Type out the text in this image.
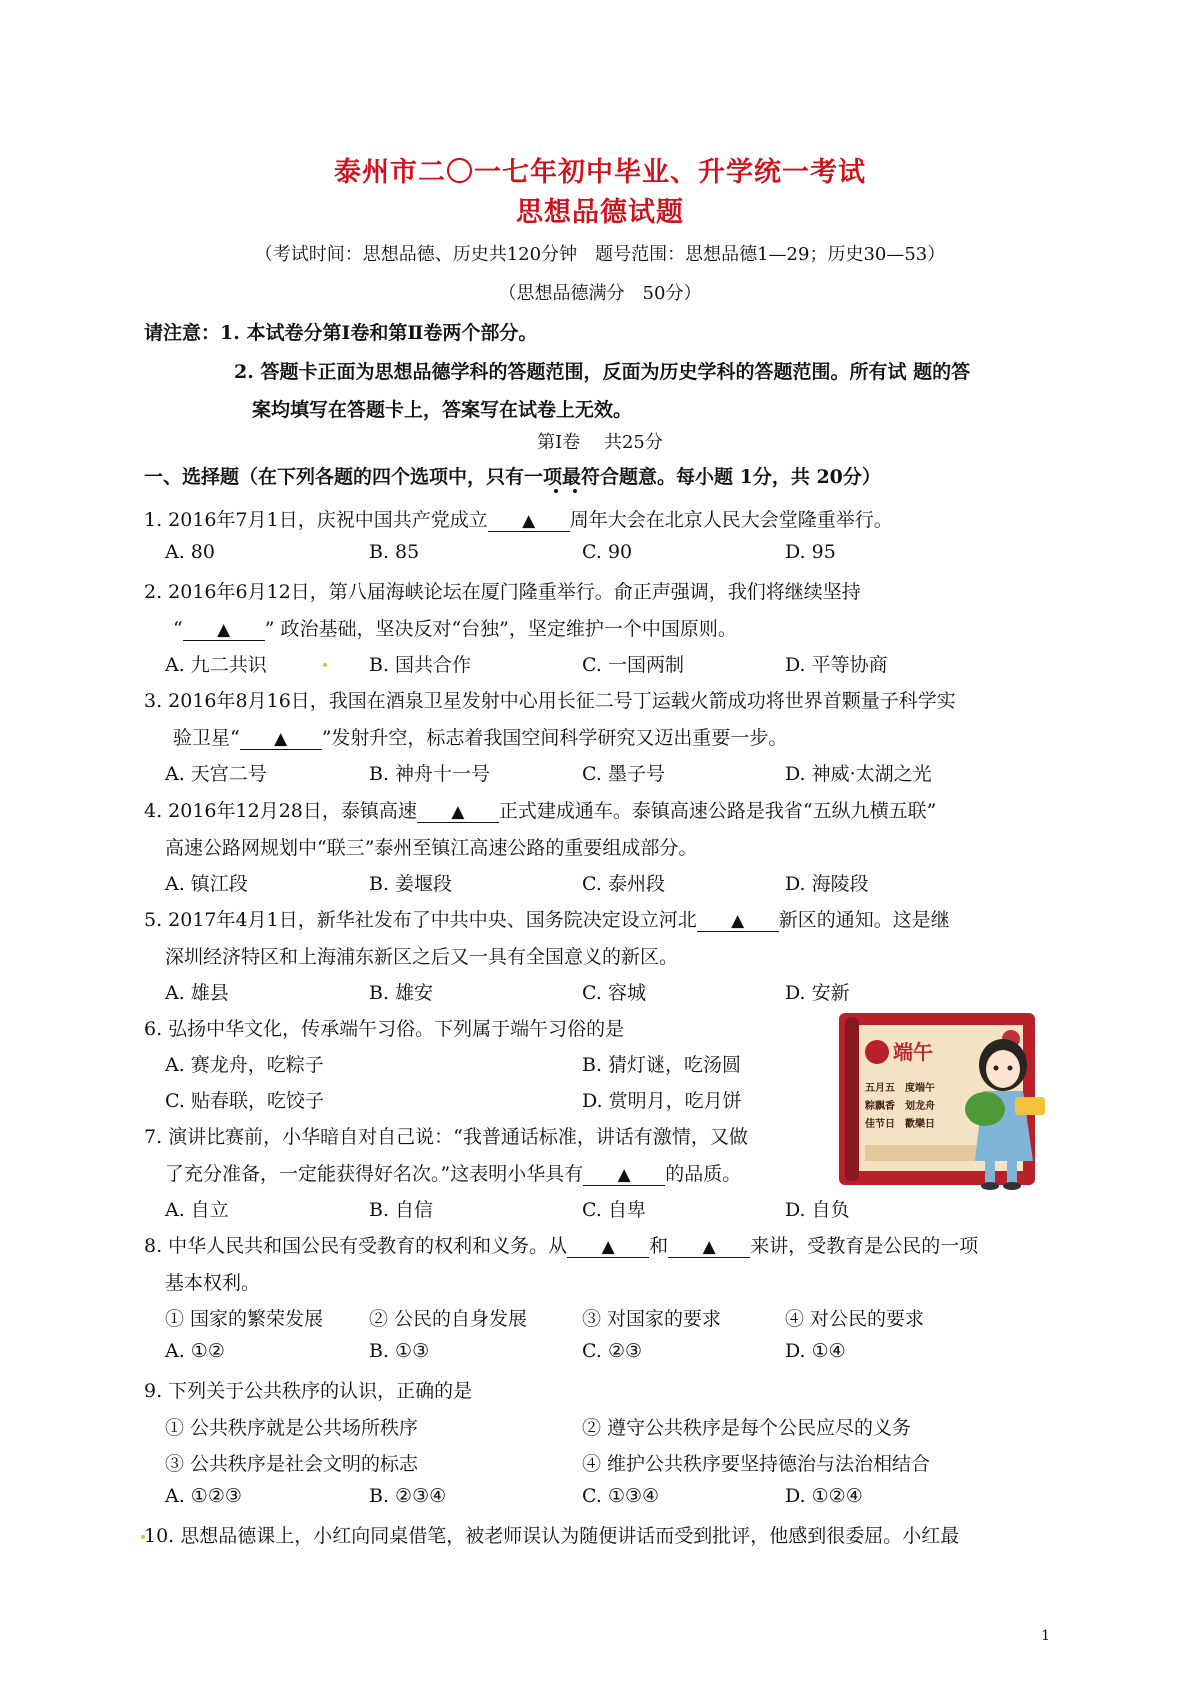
泰州市二〇一七年初中毕业、升学统一考试
思想品德试题
（考试时间：思想品德、历史共120分钟　题号范围：思想品德1—29；历史30—53）
（思想品德满分　50分）
请注意：1. 本试卷分第Ⅰ卷和第Ⅱ卷两个部分。
2. 答题卡正面为思想品德学科的答题范围，反面为历史学科的答题范围。所有试 题的答
案均填写在答题卡上，答案写在试卷上无效。
第Ⅰ卷　 共25分
一、选择题（在下列各题的四个选项中，只有一项最符合题意。每小题 1分，共 20分）
1. 2016年7月1日，庆祝中国共产党成立 ▲ 周年大会在北京人民大会堂隆重举行。
A. 80	B. 85	C. 90	D. 95
2. 2016年6月12日，第八届海峡论坛在厦门隆重举行。俞正声强调，我们将继续坚持
“ ▲ ” 政治基础，坚决反对“台独”，坚定维护一个中国原则。
A. 九二共识	B. 国共合作	C. 一国两制	D. 平等协商
3. 2016年8月16日，我国在酒泉卫星发射中心用长征二号丁运载火箭成功将世界首颗量子科学实
验卫星“ ▲ ”发射升空，标志着我国空间科学研究又迈出重要一步。
A. 天宫二号	B. 神舟十一号	C. 墨子号	D. 神威·太湖之光
4. 2016年12月28日，泰镇高速 ▲ 正式建成通车。泰镇高速公路是我省“五纵九横五联”
高速公路网规划中“联三”泰州至镇江高速公路的重要组成部分。
A. 镇江段	B. 姜堰段	C. 泰州段	D. 海陵段
5. 2017年4月1日，新华社发布了中共中央、国务院决定设立河北 ▲ 新区的通知。这是继
深圳经济特区和上海浦东新区之后又一具有全国意义的新区。
A. 雄县	B. 雄安	C. 容城	D. 安新
6. 弘扬中华文化，传承端午习俗。下列属于端午习俗的是
A. 赛龙舟，吃粽子	B. 猜灯谜，吃汤圆
C. 贴春联，吃饺子	D. 赏明月，吃月饼
端午
五月五　度端午
粽飘香　划龙舟
佳节日　歡樂日
7. 演讲比赛前，小华暗自对自己说：“我普通话标准，讲话有激情，又做
了充分准备，一定能获得好名次。”这表明小华具有 ▲ 的品质。
A. 自立	B. 自信	C. 自卑	D. 自负
8. 中华人民共和国公民有受教育的权利和义务。从 ▲ 和 ▲ 来讲，受教育是公民的一项
基本权利。
① 国家的繁荣发展 ② 公民的自身发展	③ 对国家的要求	④ 对公民的要求
A. ①②	B. ①③	C. ②③	D. ①④
9. 下列关于公共秩序的认识，正确的是
① 公共秩序就是公共场所秩序	② 遵守公共秩序是每个公民应尽的义务
③ 公共秩序是社会文明的标志	④ 维护公共秩序要坚持德治与法治相结合
A. ①②③	B. ②③④	C. ①③④	D. ①②④
10. 思想品德课上，小红向同桌借笔，被老师误认为随便讲话而受到批评，他感到很委屈。小红最
1
